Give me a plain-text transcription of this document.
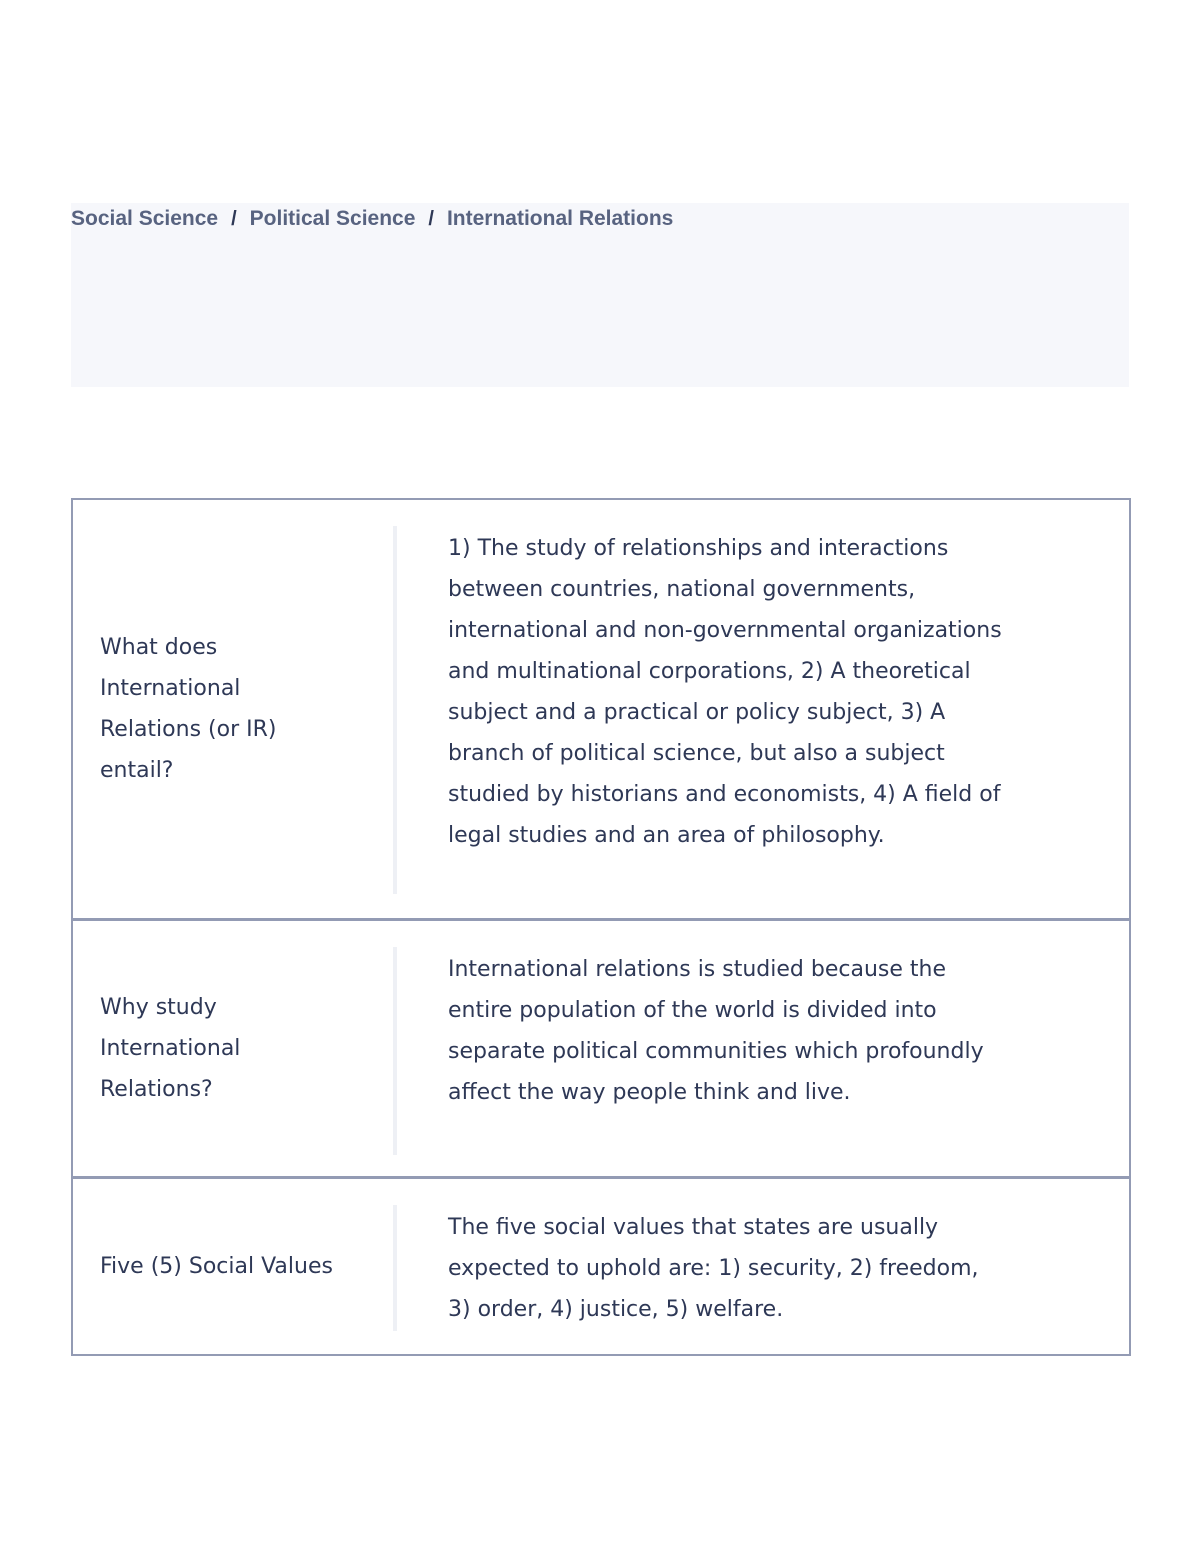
Social Science / Political Science / International Relations
What does International Relations (or IR) entail?
1) The study of relationships and interactions between countries, national governments, international and non-governmental organizations and multinational corporations, 2) A theoretical subject and a practical or policy subject, 3) A branch of political science, but also a subject studied by historians and economists, 4) A field of legal studies and an area of philosophy.
Why study International Relations?
International relations is studied because the entire population of the world is divided into separate political communities which profoundly affect the way people think and live.
Five (5) Social Values
The five social values that states are usually expected to uphold are: 1) security, 2) freedom, 3) order, 4) justice, 5) welfare.
